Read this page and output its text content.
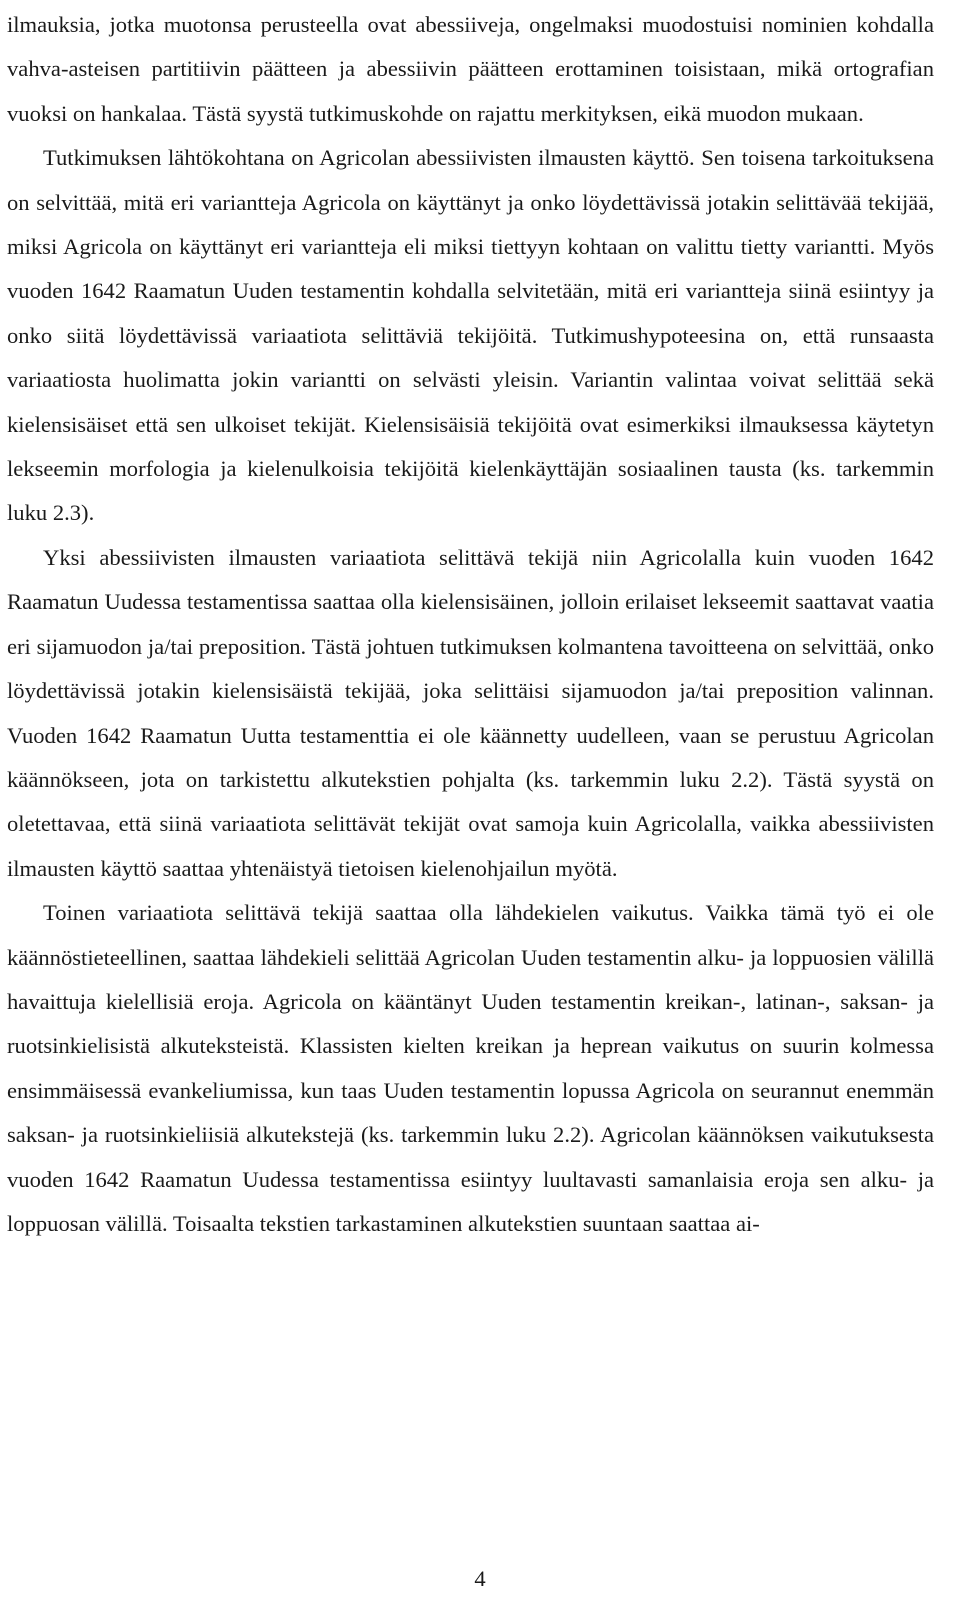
ilmauksia, jotka muotonsa perusteella ovat abessiiveja, ongelmaksi muodostuisi nominien kohdalla vahva-asteisen partitiivin päätteen ja abessiivin päätteen erottaminen toisistaan, mikä ortografian vuoksi on hankalaa. Tästä syystä tutkimuskohde on rajattu merkityksen, eikä muodon mukaan.

Tutkimuksen lähtökohtana on Agricolan abessiivisten ilmausten käyttö. Sen toisena tarkoituksena on selvittää, mitä eri variantteja Agricola on käyttänyt ja onko löydettävissä jotakin selittävää tekijää, miksi Agricola on käyttänyt eri variantteja eli miksi tiettyyn kohtaan on valittu tietty variantti. Myös vuoden 1642 Raamatun Uuden testamentin kohdalla selvitetään, mitä eri variantteja siinä esiintyy ja onko siitä löydettävissä variaatiota selittäviä tekijöitä. Tutkimushypoteesina on, että runsaasta variaatiosta huolimatta jokin variantti on selvästi yleisin. Variantin valintaa voivat selittää sekä kielensisäiset että sen ulkoiset tekijät. Kielensisäisiä tekijöitä ovat esimerkiksi ilmauksessa käytetyn lekseemin morfologia ja kielenulkoisia tekijöitä kielenkäyttäjän sosiaalinen tausta (ks. tarkemmin luku 2.3).

Yksi abessiivisten ilmausten variaatiota selittävä tekijä niin Agricolalla kuin vuoden 1642 Raamatun Uudessa testamentissa saattaa olla kielensisäinen, jolloin erilaiset lekseemit saattavat vaatia eri sijamuodon ja/tai preposition. Tästä johtuen tutkimuksen kolmantena tavoitteena on selvittää, onko löydettävissä jotakin kielensisäistä tekijää, joka selittäisi sijamuodon ja/tai preposition valinnan. Vuoden 1642 Raamatun Uutta testamenttia ei ole käännetty uudelleen, vaan se perustuu Agricolan käännökseen, jota on tarkistettu alkutekstien pohjalta (ks. tarkemmin luku 2.2). Tästä syystä on oletettavaa, että siinä variaatiota selittävät tekijät ovat samoja kuin Agricolalla, vaikka abessiivisten ilmausten käyttö saattaa yhtenäistyä tietoisen kielenohjailun myötä.

Toinen variaatiota selittävä tekijä saattaa olla lähdekielen vaikutus. Vaikka tämä työ ei ole käännöstieteellinen, saattaa lähdekieli selittää Agricolan Uuden testamentin alku- ja loppuosien välillä havaittuja kielellisiä eroja. Agricola on kääntänyt Uuden testamentin kreikan-, latinan-, saksan- ja ruotsinkielisistä alkuteksteistä. Klassisten kielten kreikan ja heprean vaikutus on suurin kolmessa ensimmäisessä evankeliumissa, kun taas Uuden testamentin lopussa Agricola on seurannut enemmän saksan- ja ruotsinkieliisiä alkutekstejä (ks. tarkemmin luku 2.2). Agricolan käännöksen vaikutuksesta vuoden 1642 Raamatun Uudessa testamentissa esiintyy luultavasti samanlaisia eroja sen alku- ja loppuosan välillä. Toisaalta tekstien tarkastaminen alkutekstien suuntaan saattaa ai-

4
